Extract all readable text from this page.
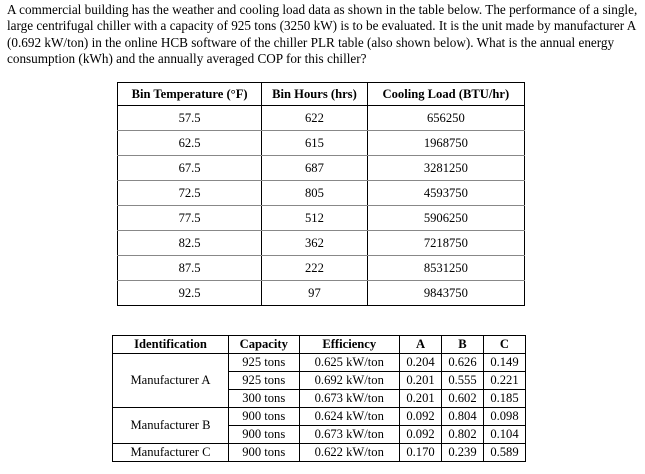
A commercial building has the weather and cooling load data as shown in the table below. The performance of a single, large centrifugal chiller with a capacity of 925 tons (3250 kW) is to be evaluated. It is the unit made by manufacturer A (0.692 kW/ton) in the online HCB software of the chiller PLR table (also shown below). What is the annual energy consumption (kWh) and the annually averaged COP for this chiller?

Bin Temperature (°F)	Bin Hours (hrs)	Cooling Load (BTU/hr)
57.5	622	656250
62.5	615	1968750
67.5	687	3281250
72.5	805	4593750
77.5	512	5906250
82.5	362	7218750
87.5	222	8531250
92.5	97	9843750
Identification	Capacity	Efficiency	A	B	C
Manufacturer A	925 tons	0.625 kW/ton	0.204	0.626	0.149
	925 tons	0.692 kW/ton	0.201	0.555	0.221
	300 tons	0.673 kW/ton	0.201	0.602	0.185
Manufacturer B	900 tons	0.624 kW/ton	0.092	0.804	0.098
	900 tons	0.673 kW/ton	0.092	0.802	0.104
Manufacturer C	900 tons	0.622 kW/ton	0.170	0.239	0.589
